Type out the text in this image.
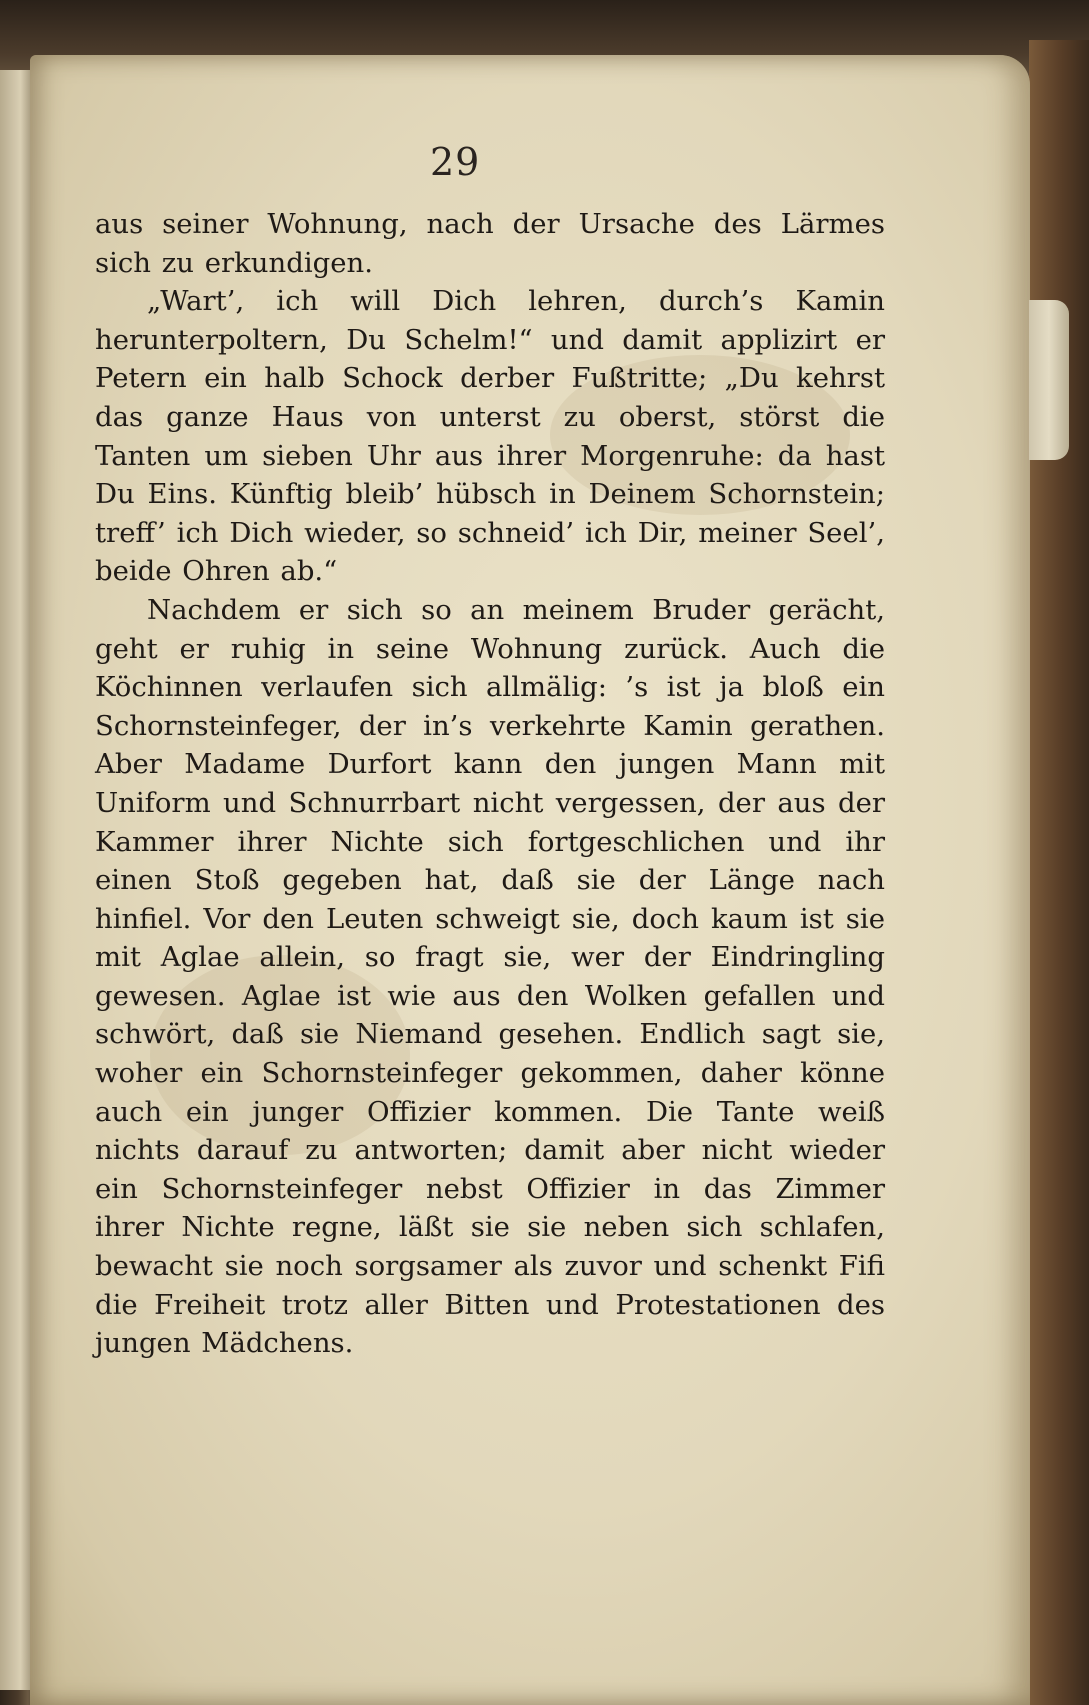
29

aus seiner Wohnung, nach der Ursache des Lärmes sich zu erkundigen.

„Wart’, ich will Dich lehren, durch’s Kamin herunterpoltern, Du Schelm!“ und damit applizirt er Petern ein halb Schock derber Fußtritte; „Du kehrst das ganze Haus von unterst zu oberst, störst die Tanten um sieben Uhr aus ihrer Morgenruhe: da hast Du Eins. Künftig bleib’ hübsch in Deinem Schornstein; treff’ ich Dich wieder, so schneid’ ich Dir, meiner Seel’, beide Ohren ab.“

Nachdem er sich so an meinem Bruder gerächt, geht er ruhig in seine Wohnung zurück. Auch die Köchinnen verlaufen sich allmälig: ’s ist ja bloß ein Schornsteinfeger, der in’s verkehrte Kamin gerathen. Aber Madame Durfort kann den jungen Mann mit Uniform und Schnurrbart nicht vergessen, der aus der Kammer ihrer Nichte sich fortgeschlichen und ihr einen Stoß gegeben hat, daß sie der Länge nach hinfiel. Vor den Leuten schweigt sie, doch kaum ist sie mit Aglae allein, so fragt sie, wer der Eindringling gewesen. Aglae ist wie aus den Wolken gefallen und schwört, daß sie Niemand gesehen. Endlich sagt sie, woher ein Schornsteinfeger gekommen, daher könne auch ein junger Offizier kommen. Die Tante weiß nichts darauf zu antworten; damit aber nicht wieder ein Schornsteinfeger nebst Offizier in das Zimmer ihrer Nichte regne, läßt sie sie neben sich schlafen, bewacht sie noch sorgsamer als zuvor und schenkt Fifi die Freiheit trotz aller Bitten und Protestationen des jungen Mädchens.
